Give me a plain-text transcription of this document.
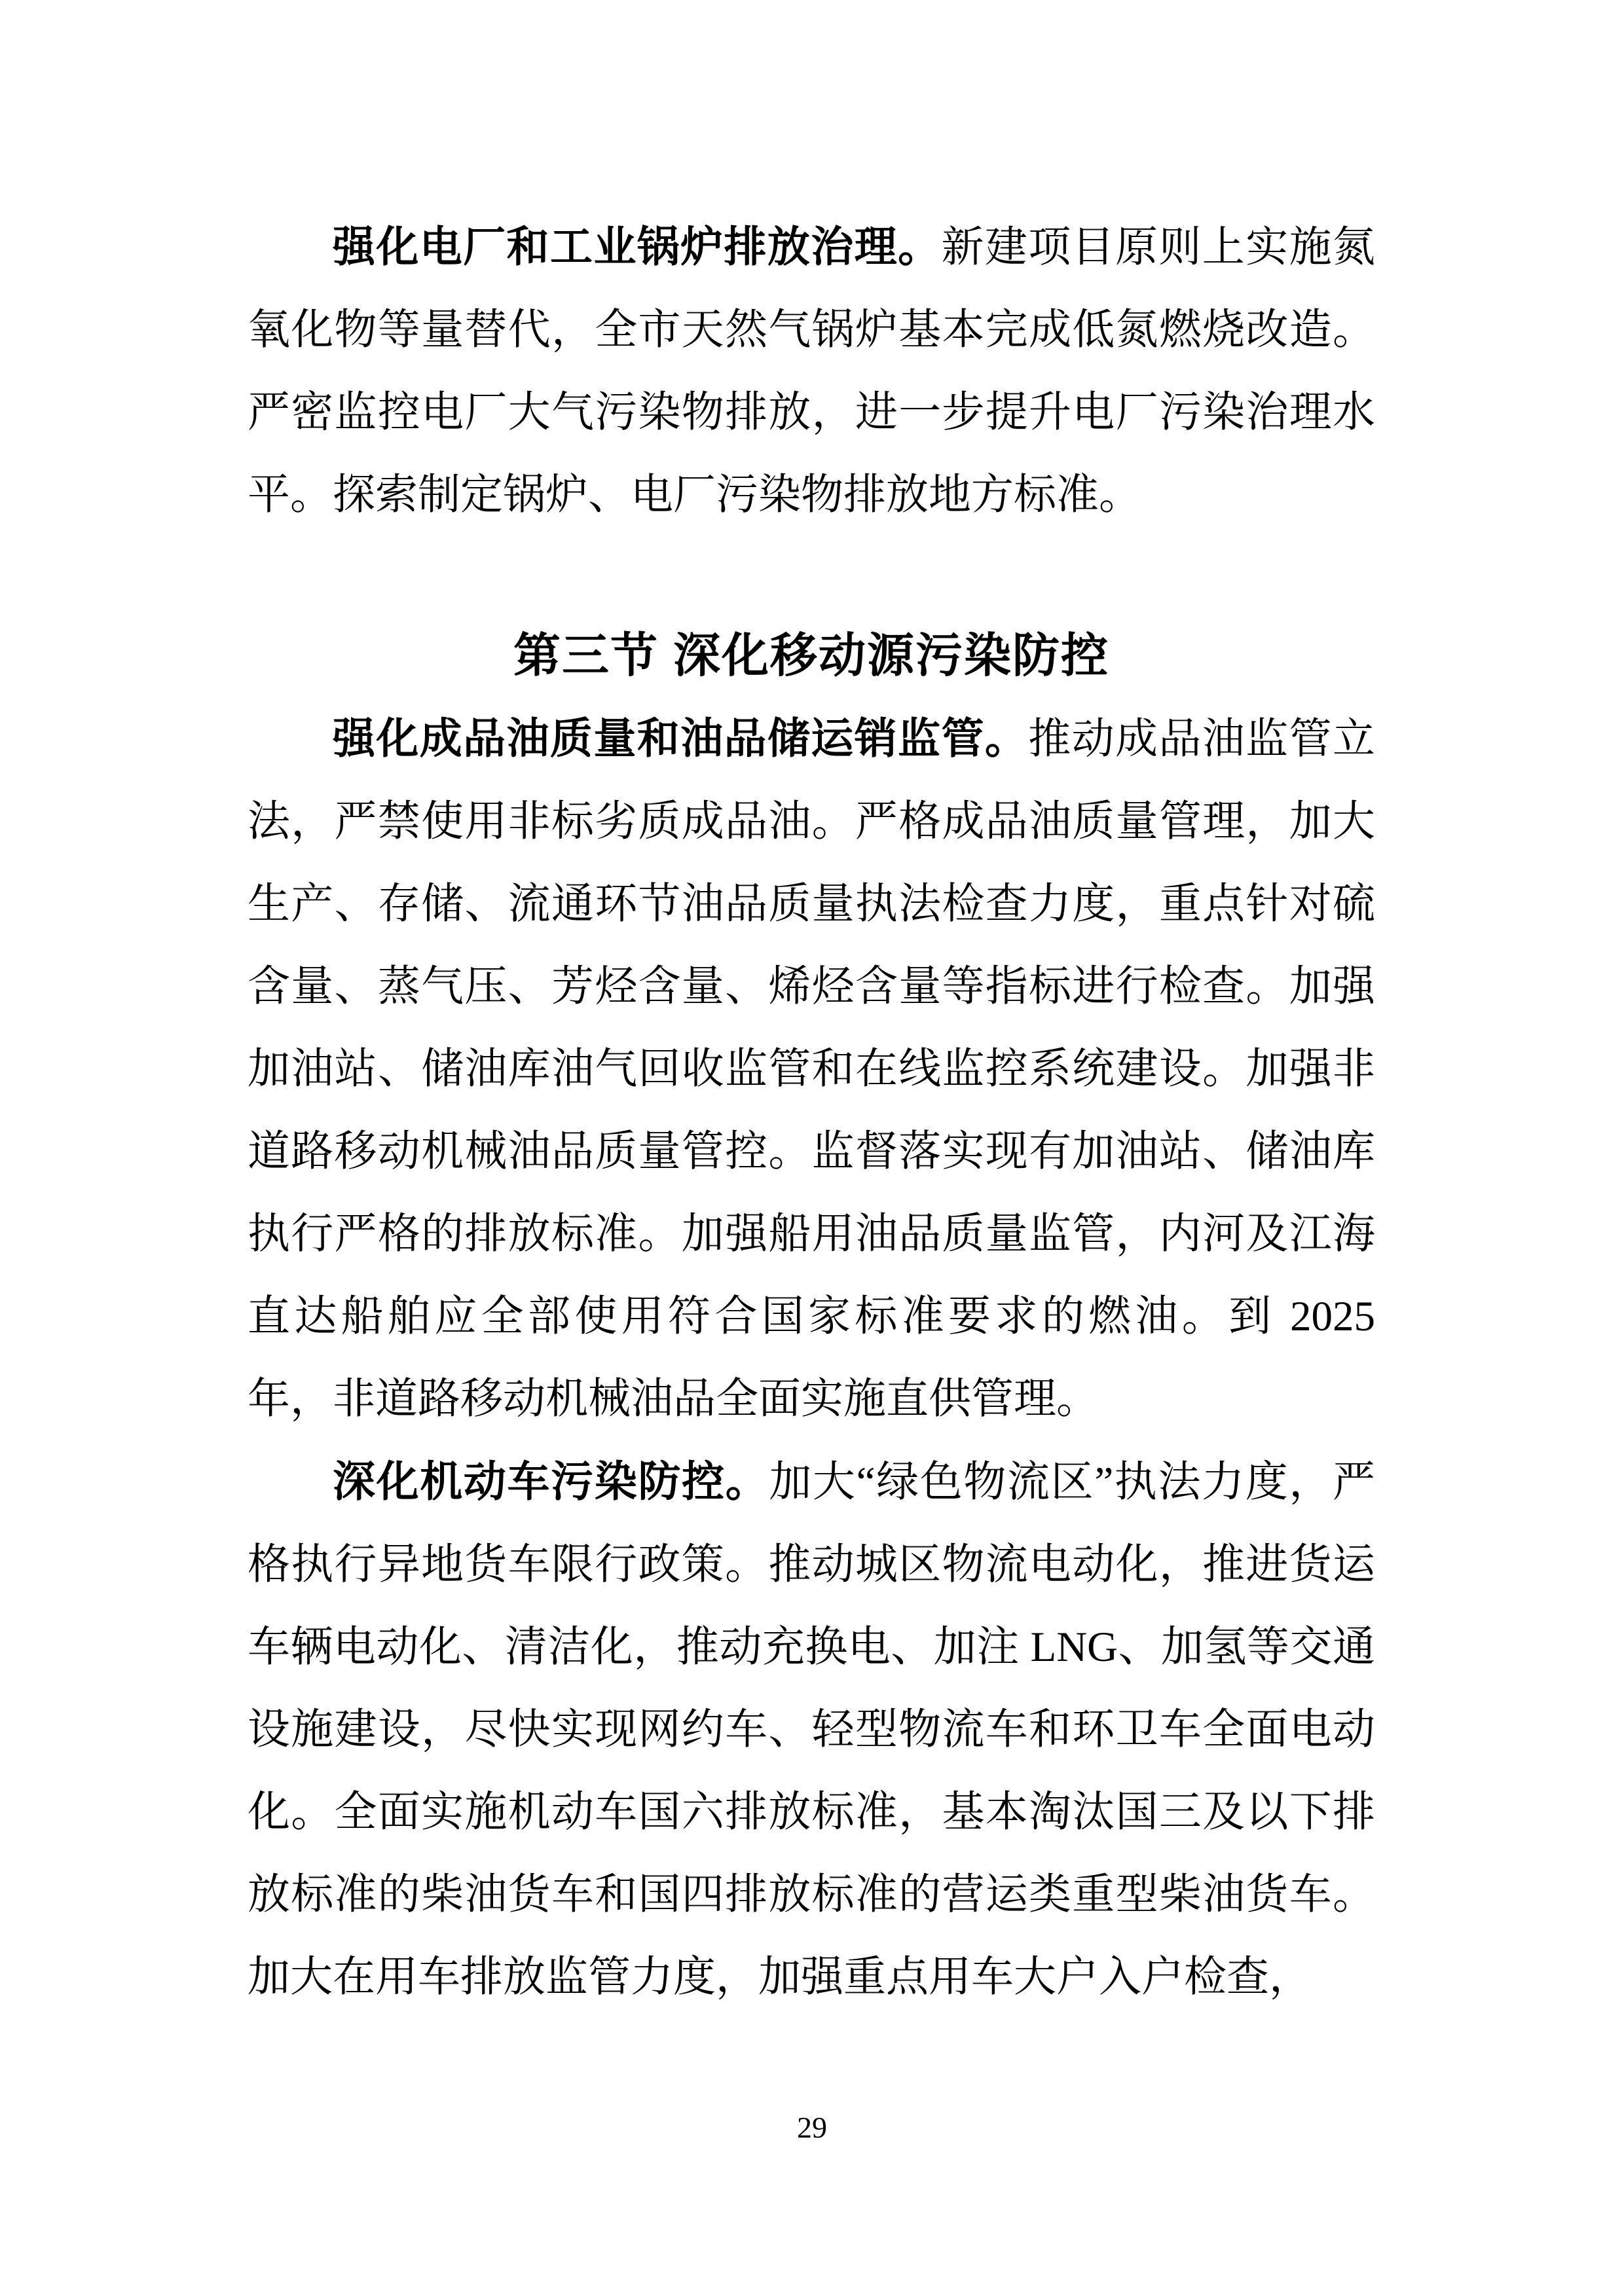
强化电厂和工业锅炉排放治理。新建项目原则上实施氮氧化物等量替代，全市天然气锅炉基本完成低氮燃烧改造。严密监控电厂大气污染物排放，进一步提升电厂污染治理水平。探索制定锅炉、电厂污染物排放地方标准。

第三节 深化移动源污染防控

强化成品油质量和油品储运销监管。推动成品油监管立法，严禁使用非标劣质成品油。严格成品油质量管理，加大生产、存储、流通环节油品质量执法检查力度，重点针对硫含量、蒸气压、芳烃含量、烯烃含量等指标进行检查。加强加油站、储油库油气回收监管和在线监控系统建设。加强非道路移动机械油品质量管控。监督落实现有加油站、储油库执行严格的排放标准。加强船用油品质量监管，内河及江海直达船舶应全部使用符合国家标准要求的燃油。到 2025 年，非道路移动机械油品全面实施直供管理。

深化机动车污染防控。加大“绿色物流区”执法力度，严格执行异地货车限行政策。推动城区物流电动化，推进货运车辆电动化、清洁化，推动充换电、加注 LNG、加氢等交通设施建设，尽快实现网约车、轻型物流车和环卫车全面电动化。全面实施机动车国六排放标准，基本淘汰国三及以下排放标准的柴油货车和国四排放标准的营运类重型柴油货车。加大在用车排放监管力度，加强重点用车大户入户检查，

29
